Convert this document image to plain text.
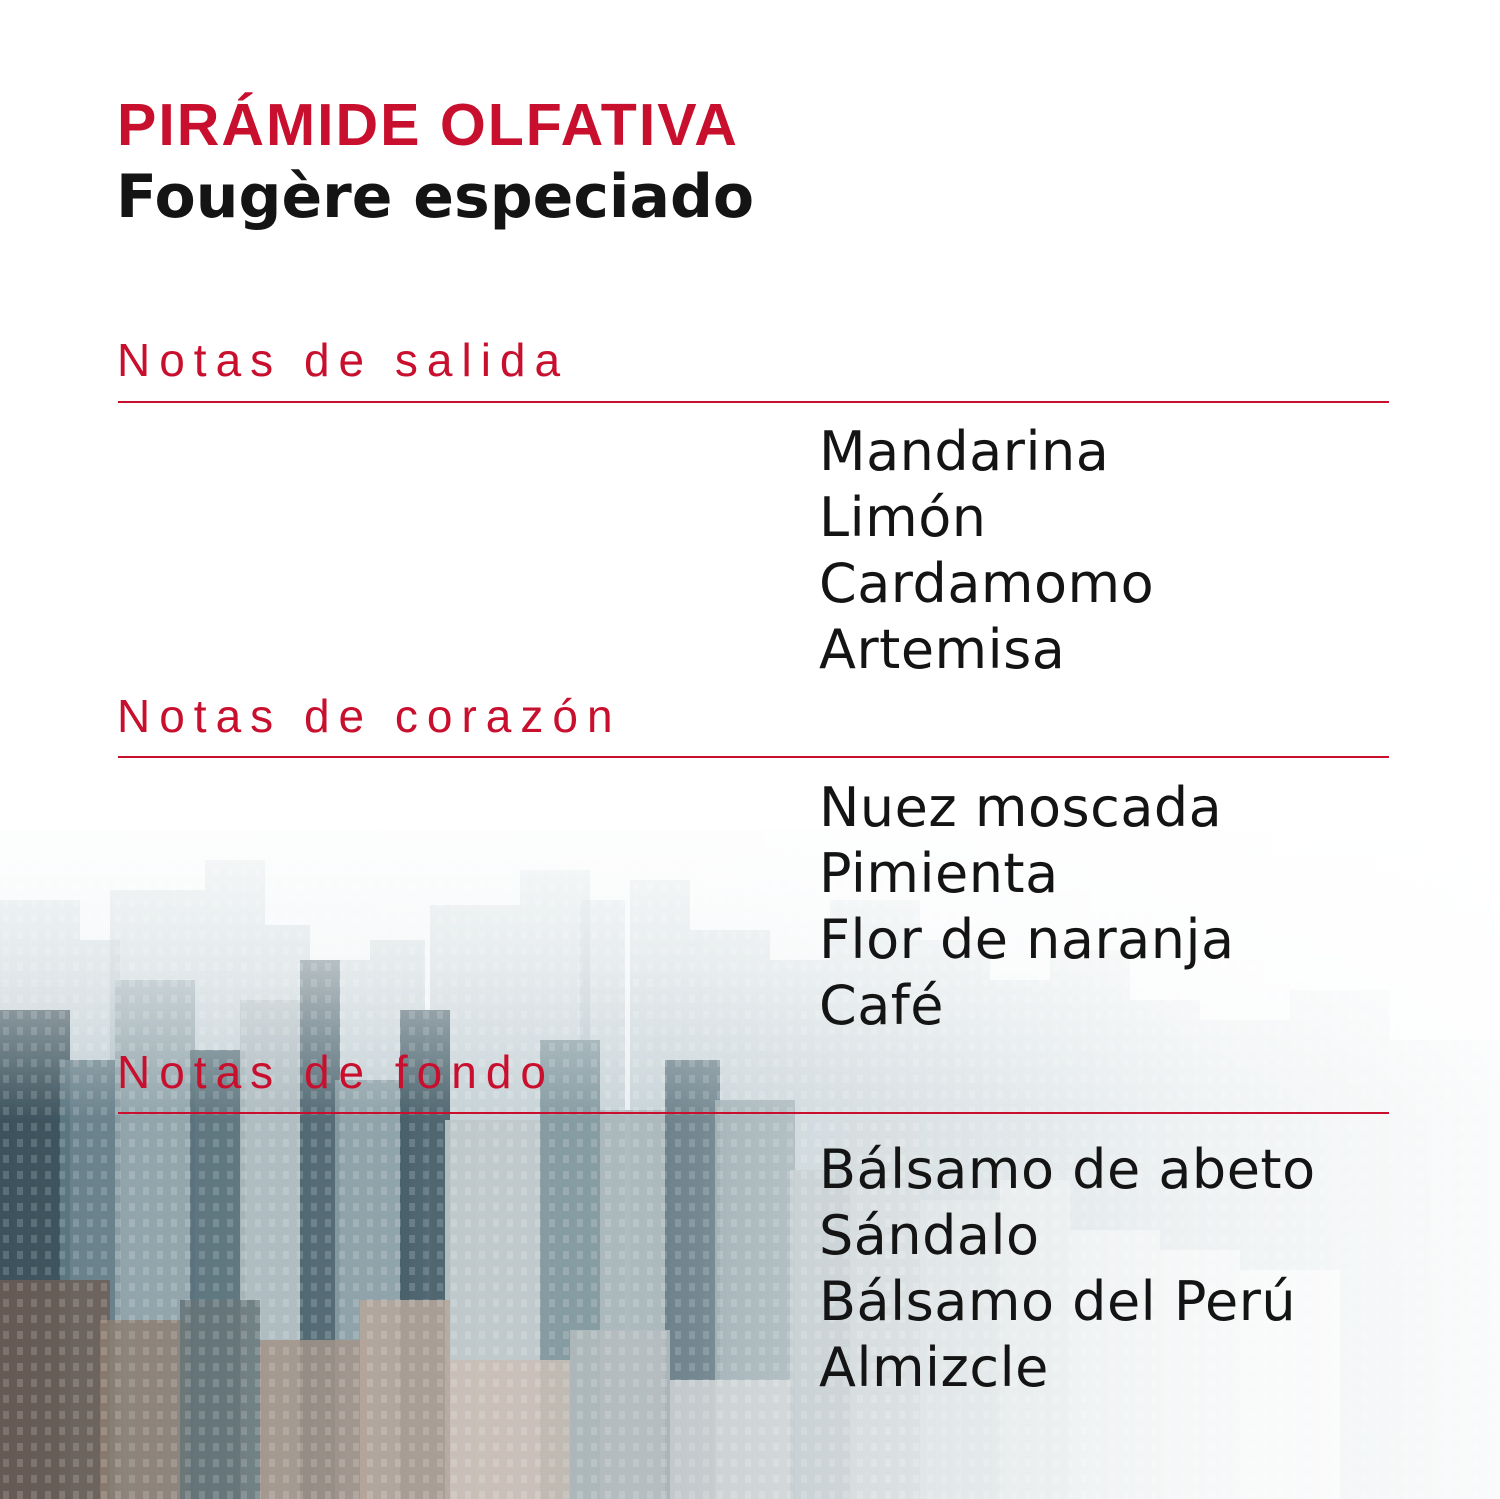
PIRÁMIDE OLFATIVA
Fougère especiado
Notas de salida
Mandarina
Limón
Cardamomo
Artemisa
Notas de corazón
Nuez moscada
Pimienta
Flor de naranja
Café
Notas de fondo
Bálsamo de abeto
Sándalo
Bálsamo del Perú
Almizcle
